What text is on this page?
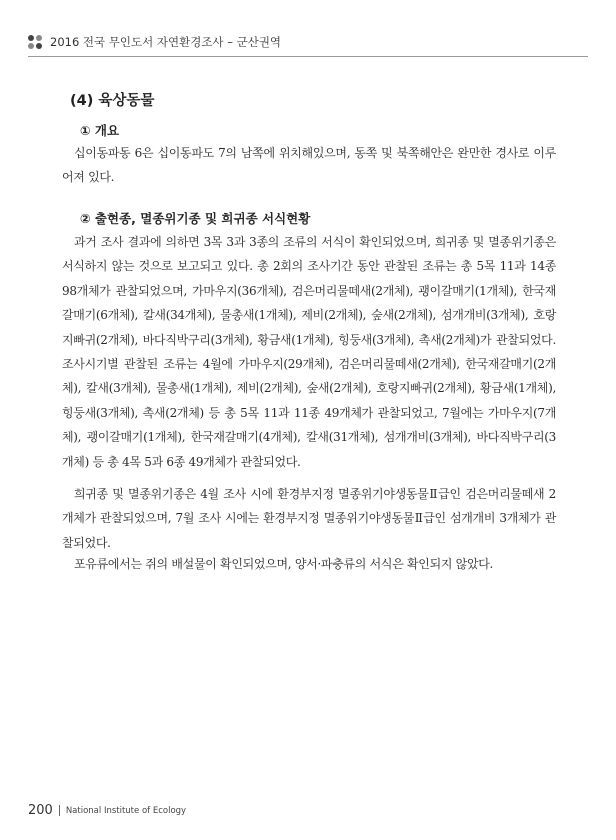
2016 전국 무인도서 자연환경조사 – 군산권역
(4) 육상동물
① 개요
십이동파동 6은 십이동파도 7의 남쪽에 위치해있으며, 동쪽 및 북쪽해안은 완만한 경사로 이루어져 있다.
② 출현종, 멸종위기종 및 희귀종 서식현황
과거 조사 결과에 의하면 3목 3과 3종의 조류의 서식이 확인되었으며, 희귀종 및 멸종위기종은 서식하지 않는 것으로 보고되고 있다. 총 2회의 조사기간 동안 관찰된 조류는 총 5목 11과 14종 98개체가 관찰되었으며, 가마우지(36개체), 검은머리물떼새(2개체), 괭이갈매기(1개체), 한국재갈매기(6개체), 칼새(34개체), 물총새(1개체), 제비(2개체), 숲새(2개체), 섬개개비(3개체), 호랑지빠귀(2개체), 바다직박구리(3개체), 황금새(1개체), 힝둥새(3개체), 촉새(2개체)가 관찰되었다. 조사시기별 관찰된 조류는 4월에 가마우지(29개체), 검은머리물떼새(2개체), 한국재갈매기(2개체), 칼새(3개체), 물총새(1개체), 제비(2개체), 숲새(2개체), 호랑지빠귀(2개체), 황금새(1개체), 힝둥새(3개체), 촉새(2개체) 등 총 5목 11과 11종 49개체가 관찰되었고, 7월에는 가마우지(7개체), 괭이갈매기(1개체), 한국재갈매기(4개체), 칼새(31개체), 섬개개비(3개체), 바다직박구리(3개체) 등 총 4목 5과 6종 49개체가 관찰되었다.
희귀종 및 멸종위기종은 4월 조사 시에 환경부지정 멸종위기야생동물Ⅱ급인 검은머리물떼새 2개체가 관찰되었으며, 7월 조사 시에는 환경부지정 멸종위기야생동물Ⅱ급인 섬개개비 3개체가 관찰되었다.
포유류에서는 쥐의 배설물이 확인되었으며, 양서·파충류의 서식은 확인되지 않았다.
200 National Institute of Ecology
